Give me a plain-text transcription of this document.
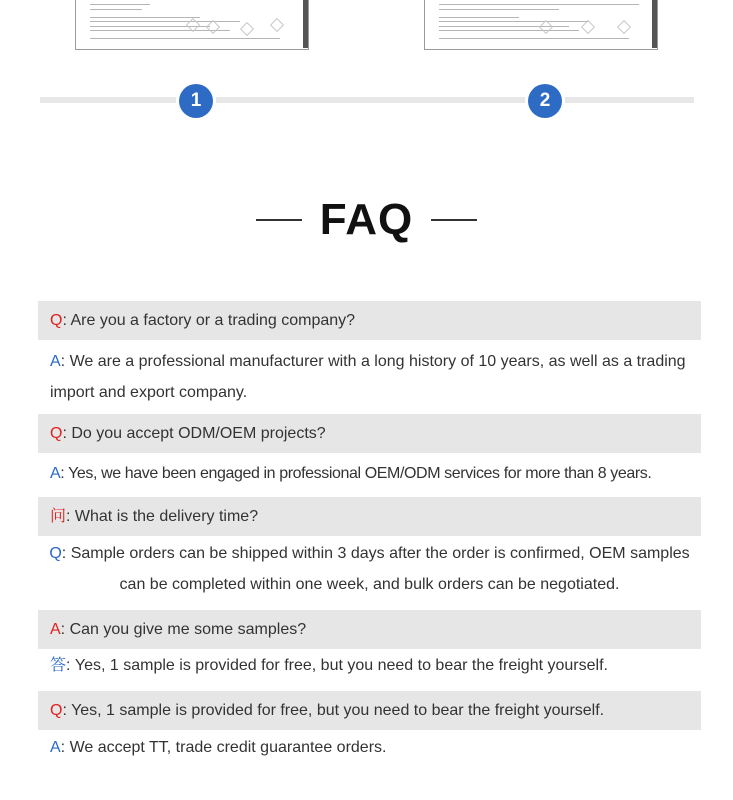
1	2
FAQ
Q: Are you a factory or a trading company?
A: We are a professional manufacturer with a long history of 10 years, as well as a trading import and export company.
Q: Do you accept ODM/OEM projects?
A: Yes, we have been engaged in professional OEM/ODM services for more than 8 years.
问: What is the delivery time?
Q: Sample orders can be shipped within 3 days after the order is confirmed, OEM samples can be completed within one week, and bulk orders can be negotiated.
A: Can you give me some samples?
答: Yes, 1 sample is provided for free, but you need to bear the freight yourself.
Q: Yes, 1 sample is provided for free, but you need to bear the freight yourself.
A: We accept TT, trade credit guarantee orders.
